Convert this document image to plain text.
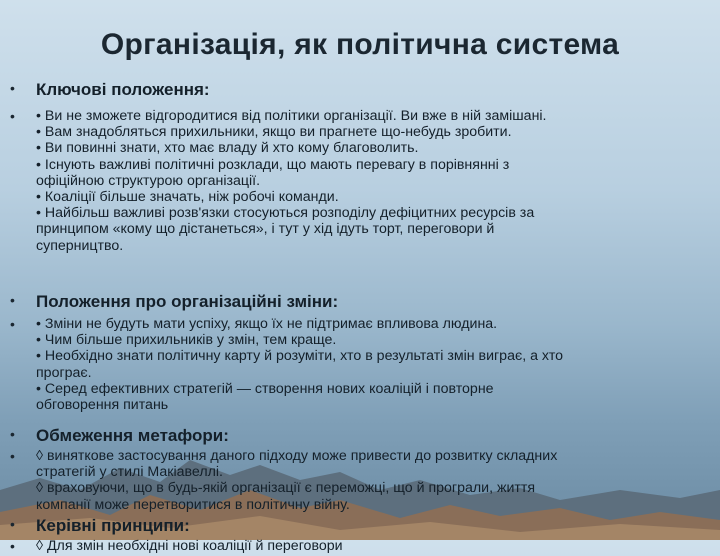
Організація, як політична система
• Ключові положення:
• • Ви не зможете відгородитися від політики організації. Ви вже в ній замішані.
• Вам знадобляться прихильники, якщо ви прагнете що-небудь зробити.
• Ви повинні знати, хто має владу й хто кому благоволить.
• Існують важливі політичні розклади, що мають перевагу в порівнянні з
офіційною структурою організації.
• Коаліції більше значать, ніж робочі команди.
• Найбільш важливі розв'язки стосуються розподілу дефіцитних ресурсів за
принципом «кому що дістанеться», і тут у хід ідуть торт, переговори й
суперництво.
• Положення про організаційні зміни:
• • Зміни не будуть мати успіху, якщо їх не підтримає впливова людина.
• Чим більше прихильників у змін, тем краще.
• Необхідно знати політичну карту й розуміти, хто в результаті змін виграє, а хто
програє.
• Серед ефективних стратегій — створення нових коаліцій і повторне
обговорення питань
• Обмеження метафори:
• ◊ виняткове застосування даного підходу може привести до розвитку складних
стратегій у стилі Макіавеллі.
◊ враховуючи, що в будь-якій організації є переможці, що й програли, життя
компанії може перетворитися в політичну війну.
• Керівні принципи:
• ◊ Для змін необхідні нові коаліції й переговори
